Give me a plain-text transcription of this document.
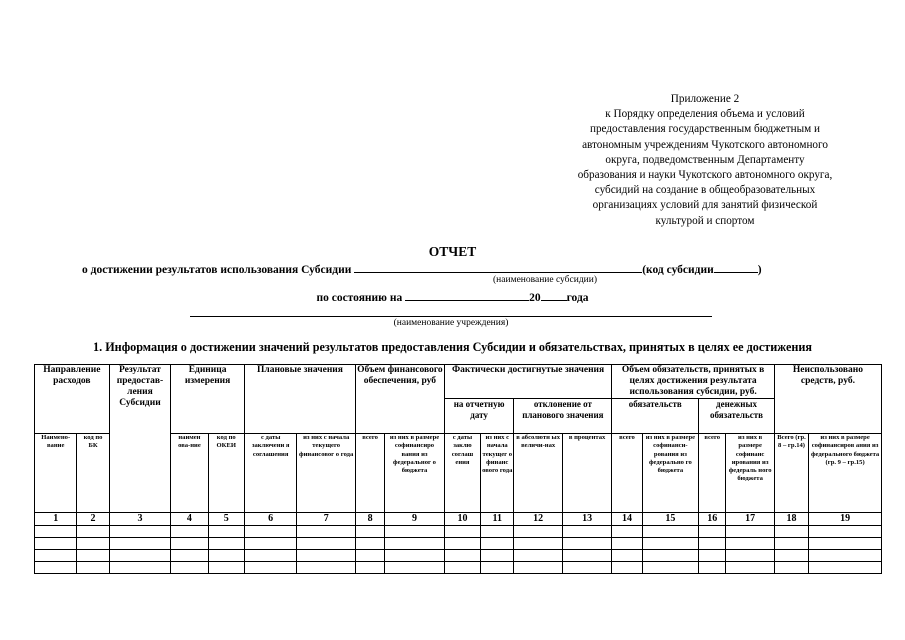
Приложение 2
к Порядку определения объема и условий
предоставления государственным бюджетным и
автономным учреждениям Чукотского автономного
округа, подведомственным Департаменту
образования и науки Чукотского автономного округа,
субсидий на создание в общеобразовательных
организациях условий для занятий физической
культурой и спортом
ОТЧЕТ
о достижении результатов использования Субсидии	(код субсидии	)
(наименование субсидии)
по состоянию на	20 года
(наименование учреждения)
1. Информация о достижении значений результатов предоставления Субсидии и обязательствах, принятых в целях ее достижения
Направление расходов		Результат предостав-ления Субсидии	Единица измерения		Плановые значения		Объем финансового обеспечения, руб		Фактически достигнутые значения				Объем обязательств, принятых в целях достижения результата использования субсидии, руб.				Неиспользовано средств, руб.	
									на отчетную дату		отклонение от планового значения		обязательств		денежных обязательств			
Наимено-вание	код по БК		наимен ова-ние	код по ОКЕИ	с даты заключени я соглашения	из них с начала текущего финансовог о года	всего	из них в размере софинансиро вания из федеральног о бюджета	с даты заклю соглаш ения	из них с начала текущег о финанс ового года	в абсолютн ых величи-нах	в процентах	всего	из них в размере софинанси-рования из федерально го бюджета	всего	из них в размере софинанс ирования из федераль ного бюджета	Всего (гр. 8 – гр.14)	из них в размере софинансиров ания из федерального бюджета (гр. 9 – гр.15)
1	2	3	4	5	6	7	8	9	10	11	12	13	14	15	16	17	18	19
